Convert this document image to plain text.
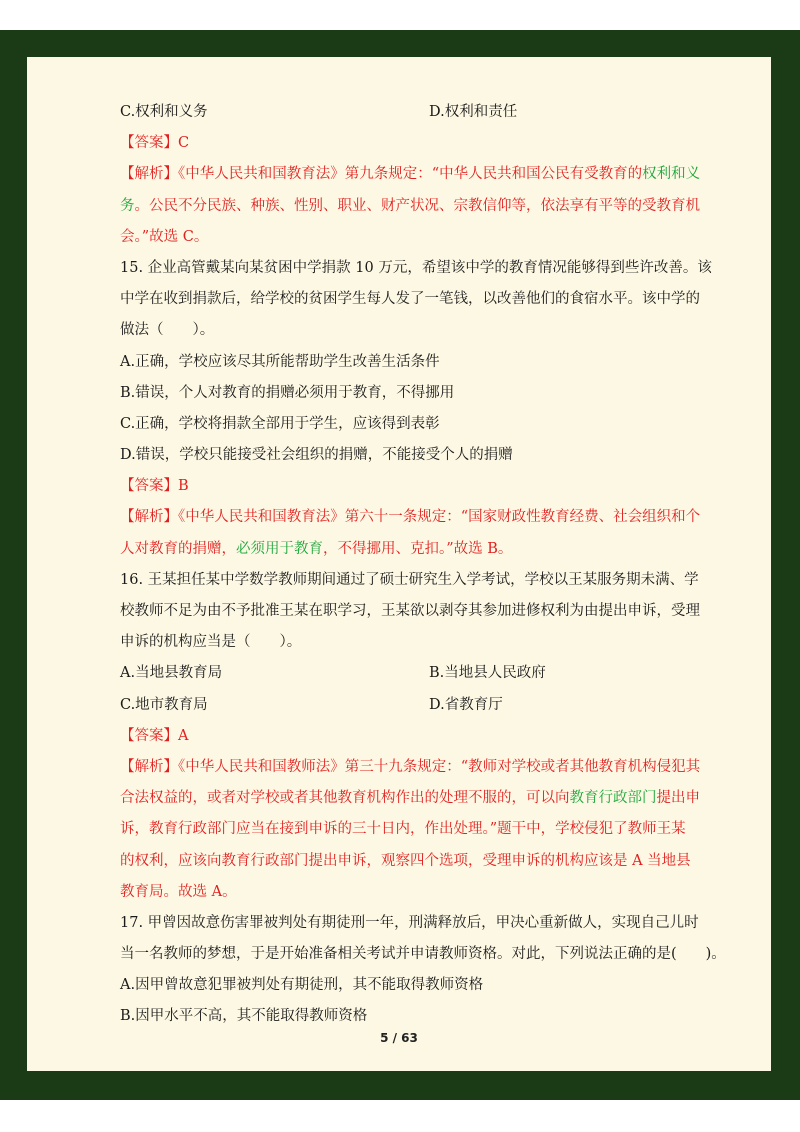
C.权利和义务	D.权利和责任
【答案】C
【解析】《中华人民共和国教育法》第九条规定：“中华人民共和国公民有受教育的权利和义
务。公民不分民族、种族、性别、职业、财产状况、宗教信仰等，依法享有平等的受教育机
会。”故选 C。
15. 企业高管戴某向某贫困中学捐款 10 万元，希望该中学的教育情况能够得到些许改善。该
中学在收到捐款后，给学校的贫困学生每人发了一笔钱，以改善他们的食宿水平。该中学的
做法（　　）。
A.正确，学校应该尽其所能帮助学生改善生活条件
B.错误，个人对教育的捐赠必须用于教育，不得挪用
C.正确，学校将捐款全部用于学生，应该得到表彰
D.错误，学校只能接受社会组织的捐赠，不能接受个人的捐赠
【答案】B
【解析】《中华人民共和国教育法》第六十一条规定：“国家财政性教育经费、社会组织和个
人对教育的捐赠，必须用于教育，不得挪用、克扣。”故选 B。
16. 王某担任某中学数学教师期间通过了硕士研究生入学考试，学校以王某服务期未满、学
校教师不足为由不予批准王某在职学习，王某欲以剥夺其参加进修权利为由提出申诉，受理
申诉的机构应当是（　　）。
A.当地县教育局	B.当地县人民政府
C.地市教育局	D.省教育厅
【答案】A
【解析】《中华人民共和国教师法》第三十九条规定：“教师对学校或者其他教育机构侵犯其
合法权益的，或者对学校或者其他教育机构作出的处理不服的，可以向教育行政部门提出申
诉，教育行政部门应当在接到申诉的三十日内，作出处理。”题干中，学校侵犯了教师王某
的权利，应该向教育行政部门提出申诉，观察四个选项，受理申诉的机构应该是 A 当地县
教育局。故选 A。
17. 甲曾因故意伤害罪被判处有期徒刑一年，刑满释放后，甲决心重新做人，实现自己儿时
当一名教师的梦想，于是开始准备相关考试并申请教师资格。对此，下列说法正确的是(　　)。
A.因甲曾故意犯罪被判处有期徒刑，其不能取得教师资格
B.因甲水平不高，其不能取得教师资格
5 / 63
